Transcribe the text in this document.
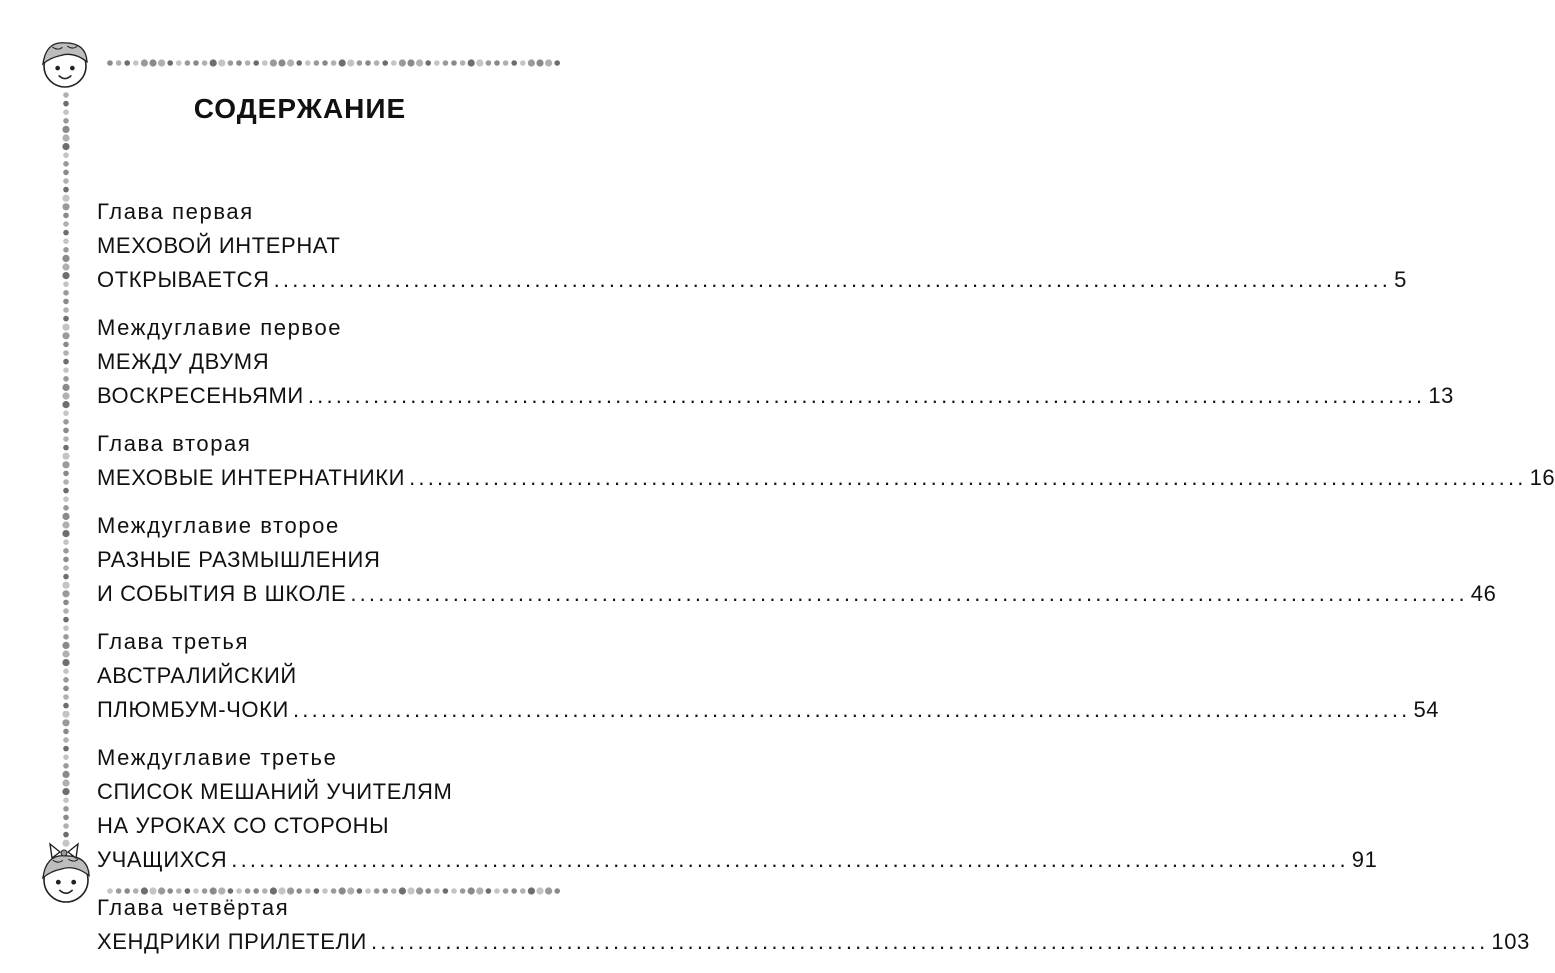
СОДЕРЖАНИЕ
Глава первая
МЕХОВОЙ ИНТЕРНАТ
ОТКРЫВАЕТСЯ ........................................................................................................................ 5
Междуглавие первое
МЕЖДУ ДВУМЯ
ВОСКРЕСЕНЬЯМИ ........................................................................................................................ 13
Глава вторая
МЕХОВЫЕ ИНТЕРНАТНИКИ ........................................................................................................................ 16
Междуглавие второе
РАЗНЫЕ РАЗМЫШЛЕНИЯ
И СОБЫТИЯ В ШКОЛЕ ........................................................................................................................ 46
Глава третья
АВСТРАЛИЙСКИЙ
ПЛЮМБУМ-ЧОКИ ........................................................................................................................ 54
Междуглавие третье
СПИСОК МЕШАНИЙ УЧИТЕЛЯМ
НА УРОКАХ СО СТОРОНЫ
УЧАЩИХСЯ ........................................................................................................................ 91
Глава четвёртая
ХЕНДРИКИ ПРИЛЕТЕЛИ ........................................................................................................................ 103
